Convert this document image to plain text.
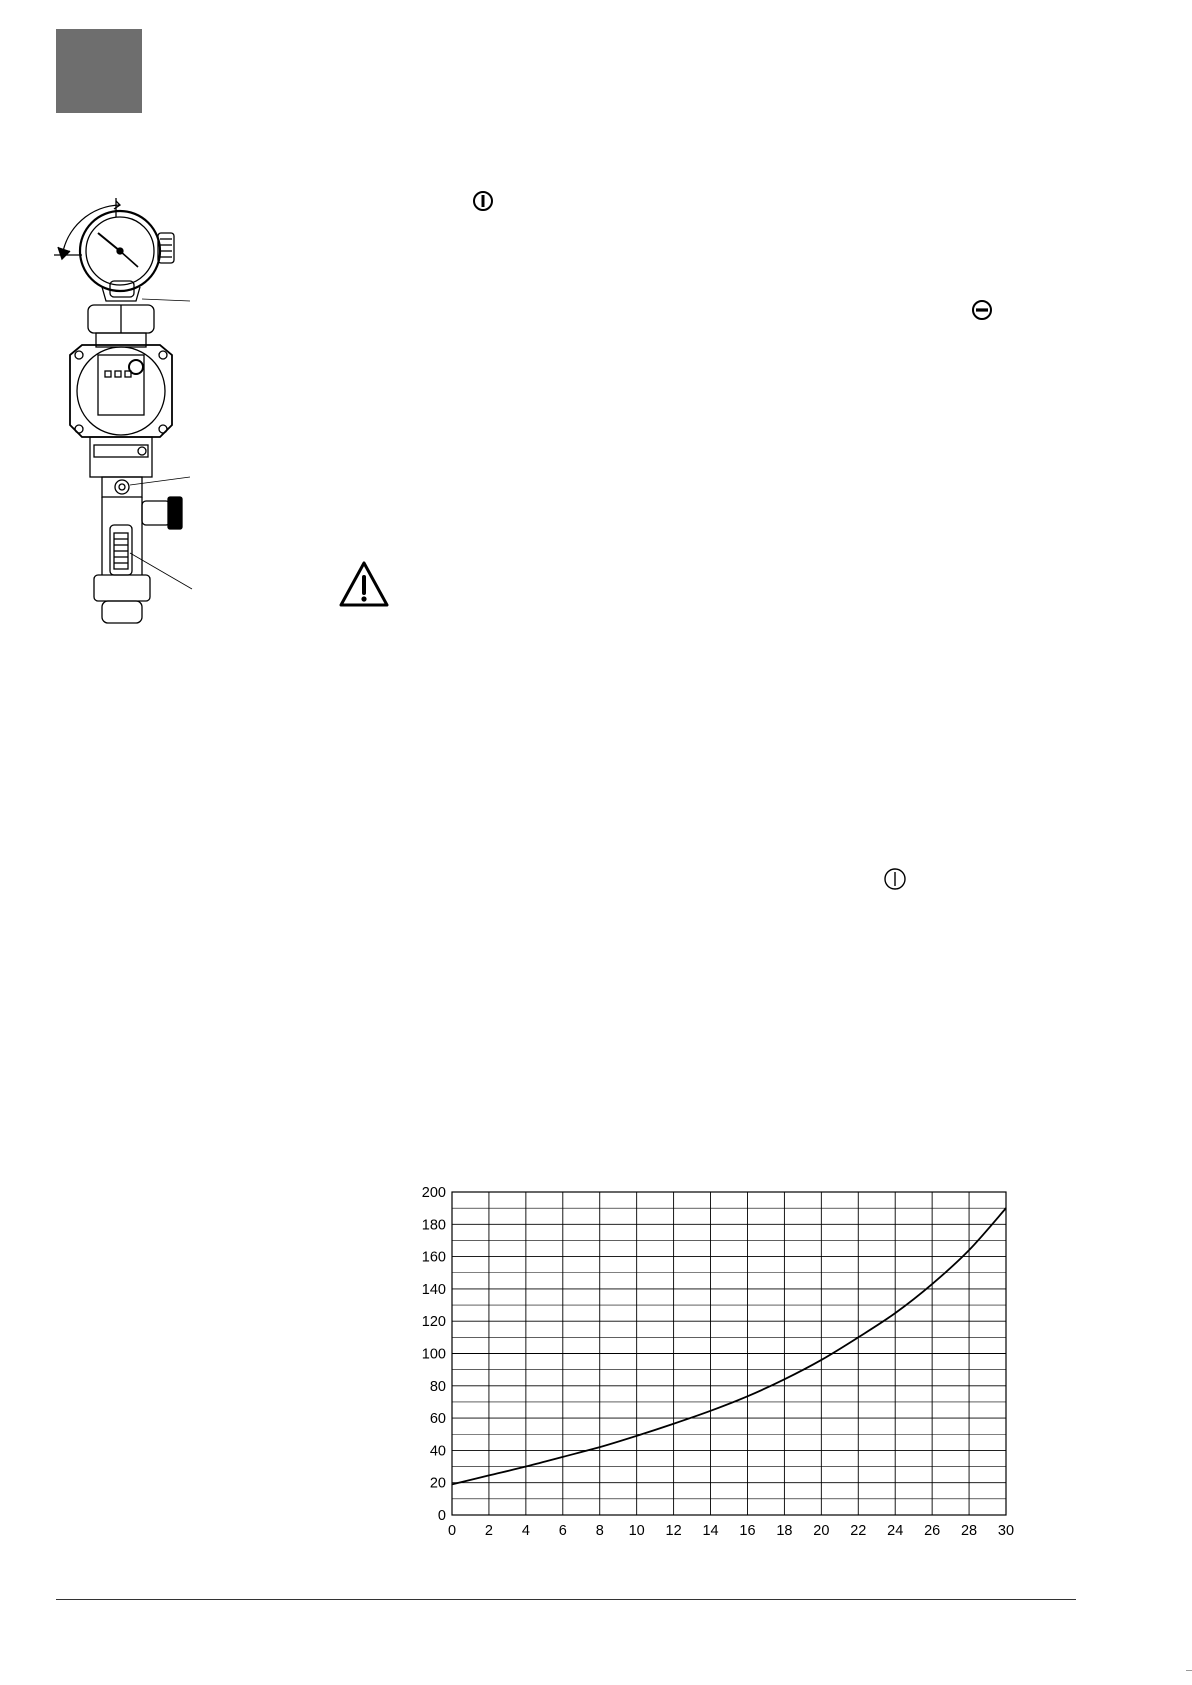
0
20
40
60
80
100
120
140
160
180
200
0 2 4 6 8 10 12 14 16 18 20 22 24 26 28 30
